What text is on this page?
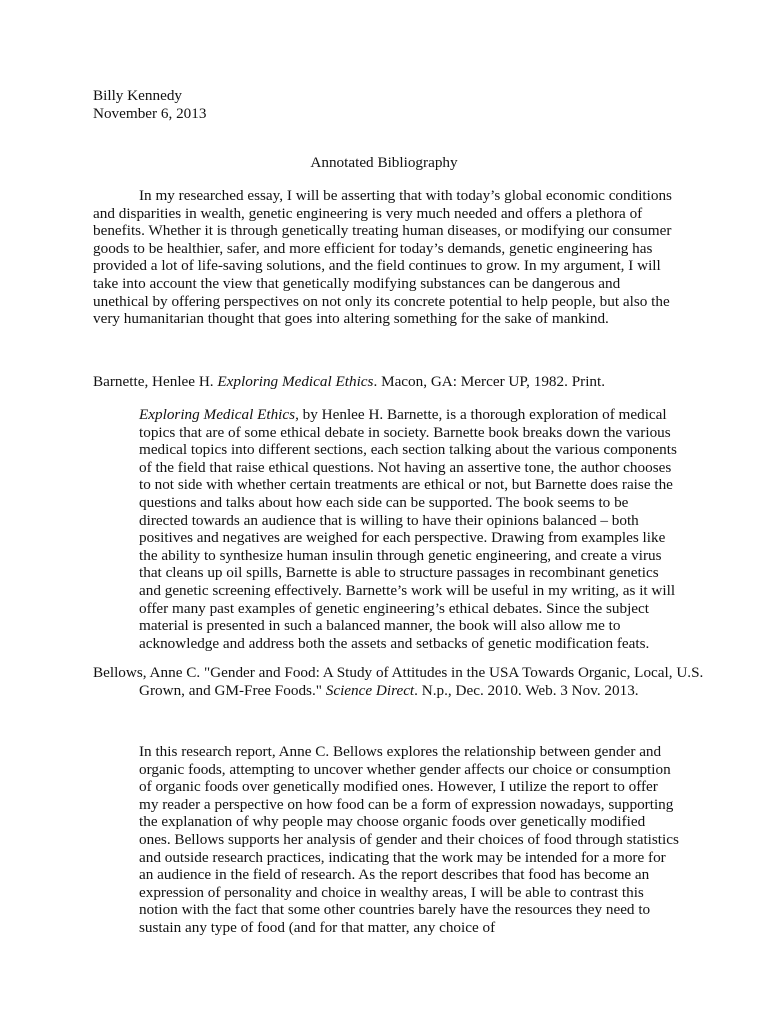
Billy Kennedy
November 6, 2013
Annotated Bibliography

In my researched essay, I will be asserting that with today’s global economic conditions and disparities in wealth, genetic engineering is very much needed and offers a plethora of benefits. Whether it is through genetically treating human diseases, or modifying our consumer goods to be healthier, safer, and more efficient for today’s demands, genetic engineering has provided a lot of life-saving solutions, and the field continues to grow. In my argument, I will take into account the view that genetically modifying substances can be dangerous and unethical by offering perspectives on not only its concrete potential to help people, but also the very humanitarian thought that goes into altering something for the sake of mankind.

Barnette, Henlee H. Exploring Medical Ethics. Macon, GA: Mercer UP, 1982. Print.
Exploring Medical Ethics, by Henlee H. Barnette, is a thorough exploration of medical topics that are of some ethical debate in society. Barnette book breaks down the various medical topics into different sections, each section talking about the various components of the field that raise ethical questions. Not having an assertive tone, the author chooses to not side with whether certain treatments are ethical or not, but Barnette does raise the questions and talks about how each side can be supported. The book seems to be directed towards an audience that is willing to have their opinions balanced – both positives and negatives are weighed for each perspective. Drawing from examples like the ability to synthesize human insulin through genetic engineering, and create a virus that cleans up oil spills, Barnette is able to structure passages in recombinant genetics and genetic screening effectively. Barnette’s work will be useful in my writing, as it will offer many past examples of genetic engineering’s ethical debates. Since the subject material is presented in such a balanced manner, the book will also allow me to acknowledge and address both the assets and setbacks of genetic modification feats.
Bellows, Anne C. "Gender and Food: A Study of Attitudes in the USA Towards Organic, Local, U.S. Grown, and GM-Free Foods." Science Direct. N.p., Dec. 2010. Web. 3 Nov. 2013.
In this research report, Anne C. Bellows explores the relationship between gender and organic foods, attempting to uncover whether gender affects our choice or consumption of organic foods over genetically modified ones. However, I utilize the report to offer my reader a perspective on how food can be a form of expression nowadays, supporting the explanation of why people may choose organic foods over genetically modified ones. Bellows supports her analysis of gender and their choices of food through statistics and outside research practices, indicating that the work may be intended for a more for an audience in the field of research. As the report describes that food has become an expression of personality and choice in wealthy areas, I will be able to contrast this notion with the fact that some other countries barely have the resources they need to sustain any type of food (and for that matter, any choice of
